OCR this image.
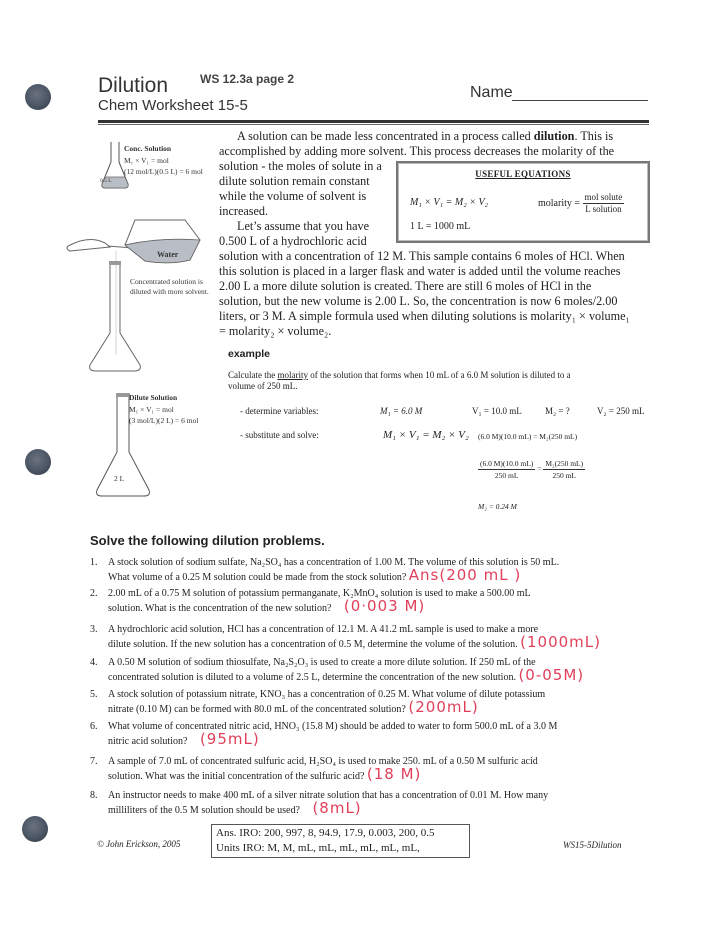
Dilution	WS 12.3a page 2
Chem Worksheet 15-5
Name
0.5 L
Conc. Solution
M₁ × V₁ = mol
(12 mol/L)(0.5 L) = 6 mol
Water
Concentrated solution is diluted with more solvent.
2 L
Dilute Solution
M₁ × V₁ = mol
(3 mol/L)(2 L) = 6 mol
A solution can be made less concentrated in a process called dilution. This is
accomplished by adding more solvent. This process decreases the molarity of the
solution - the moles of solute in a
dilute solution remain constant
while the volume of solvent is
increased.
Let’s assume that you have
0.500 L of a hydrochloric acid
solution with a concentration of 12 M. This sample contains 6 moles of HCl. When
this solution is placed in a larger flask and water is added until the volume reaches
2.00 L a more dilute solution is created. There are still 6 moles of HCl in the
solution, but the new volume is 2.00 L. So, the concentration is now 6 moles/2.00
liters, or 3 M. A simple formula used when diluting solutions is molarity₁ × volume₁
= molarity₂ × volume₂.
USEFUL EQUATIONS
M₁ × V₁ = M₂ × V₂	molarity = $\frac{\text{mol solute}}{\text{L solution}}$
1 L = 1000 mL
example
Calculate the molarity of the solution that forms when 10 mL of a 6.0 M solution is diluted to a
volume of 250 mL.
- determine variables:	M₁ = 6.0 M	V₁ = 10.0 mL	M₂ = ?	V₂ = 250 mL
- substitute and solve:	M₁ × V₁ = M₂ × V₂ (6.0 M)(10.0 mL) = M₂(250 mL)
$\frac{(6.0 M)(10.0 mL)}{250 mL} = \frac{\text{M₂(250 mL)}}{250 mL}$
M₂ = 0.24 M
Solve the following dilution problems.
1. A stock solution of sodium sulfate, Na₂SO₄ has a concentration of 1.00 M. The volume of this solution is 50 mL.
What volume of a 0.25 M solution could be made from the stock solution? Ans(200 mL )
2. 2.00 mL of a 0.75 M solution of potassium permanganate, K₂MnO₄ solution is used to make a 500.00 mL
solution. What is the concentration of the new solution? (0·003 M)
3. A hydrochloric acid solution, HCl has a concentration of 12.1 M. A 41.2 mL sample is used to make a more
dilute solution. If the new solution has a concentration of 0.5 M, determine the volume of the solution. (1000mL)
4. A 0.50 M solution of sodium thiosulfate, Na₂S₂O₃ is used to create a more dilute solution. If 250 mL of the
concentrated solution is diluted to a volume of 2.5 L, determine the concentration of the new solution. (0-05M)
5. A stock solution of potassium nitrate, KNO₃ has a concentration of 0.25 M. What volume of dilute potassium
nitrate (0.10 M) can be formed with 80.0 mL of the concentrated solution? (200mL)
6. What volume of concentrated nitric acid, HNO₃ (15.8 M) should be added to water to form 500.0 mL of a 3.0 M
nitric acid solution? (95mL)
7. A sample of 7.0 mL of concentrated sulfuric acid, H₂SO₄ is used to make 250. mL of a 0.50 M sulfuric acid
solution. What was the initial concentration of the sulfuric acid? (18 M)
8. An instructor needs to make 400 mL of a silver nitrate solution that has a concentration of 0.01 M. How many
milliliters of the 0.5 M solution should be used? (8mL)
© John Erickson, 2005
Ans. IRO: 200, 997, 8, 94.9, 17.9, 0.003, 200, 0.5
Units IRO: M, M, mL, mL, mL, mL, mL, mL,	WS15-5Dilution
